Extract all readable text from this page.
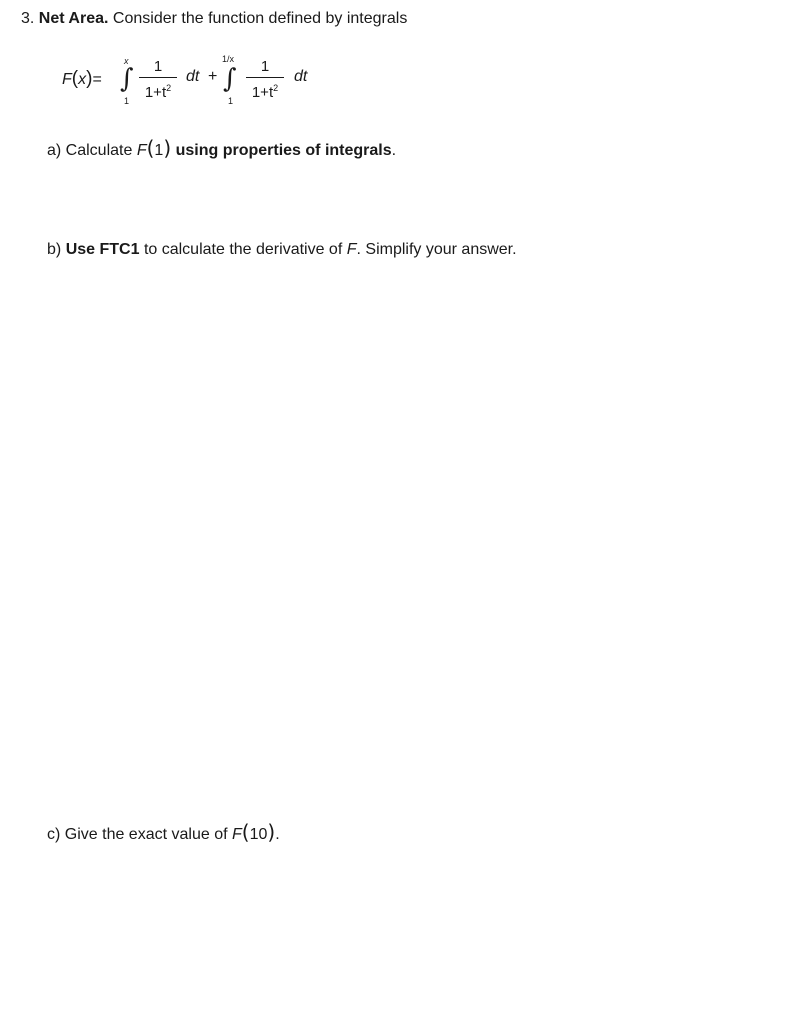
3. Net Area. Consider the function defined by integrals
F(x)=
x
∫
1
1
$1+t^2$
dt +
1/x
∫
1
1
$1+t^2$
dt
a) Calculate F(1) using properties of integrals.
b) Use FTC1 to calculate the derivative of F. Simplify your answer.
c) Give the exact value of F(10).
